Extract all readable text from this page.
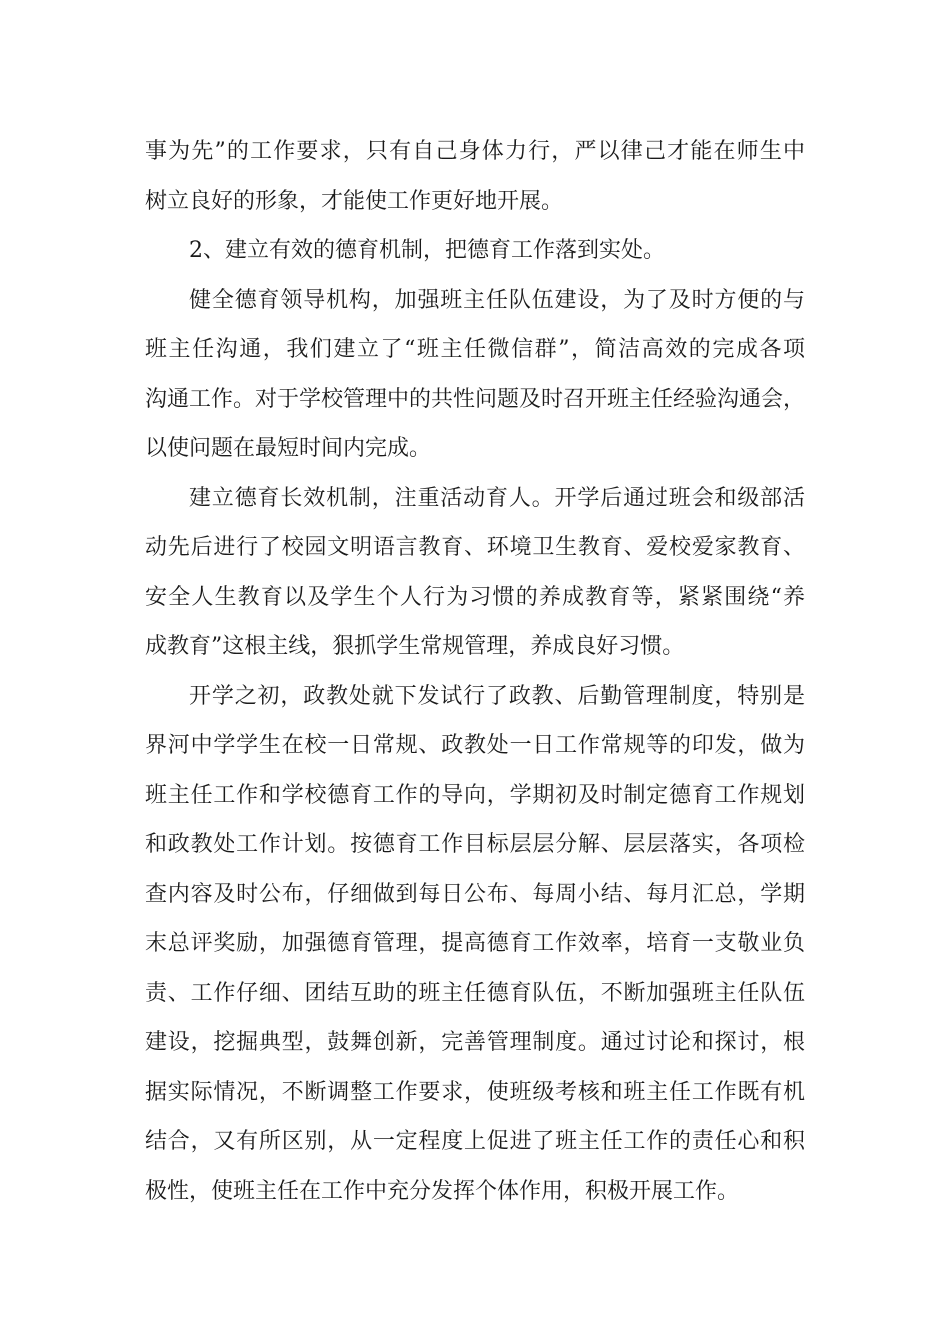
事为先”的工作要求，只有自己身体力行，严以律己才能在师生中
树立良好的形象，才能使工作更好地开展。
2、建立有效的德育机制，把德育工作落到实处。
健全德育领导机构，加强班主任队伍建设，为了及时方便的与
班主任沟通，我们建立了“班主任微信群”，简洁高效的完成各项
沟通工作。对于学校管理中的共性问题及时召开班主任经验沟通会，
以使问题在最短时间内完成。
建立德育长效机制，注重活动育人。开学后通过班会和级部活
动先后进行了校园文明语言教育、环境卫生教育、爱校爱家教育、
安全人生教育以及学生个人行为习惯的养成教育等，紧紧围绕“养
成教育”这根主线，狠抓学生常规管理，养成良好习惯。
开学之初，政教处就下发试行了政教、后勤管理制度，特别是
界河中学学生在校一日常规、政教处一日工作常规等的印发，做为
班主任工作和学校德育工作的导向，学期初及时制定德育工作规划
和政教处工作计划。按德育工作目标层层分解、层层落实，各项检
查内容及时公布，仔细做到每日公布、每周小结、每月汇总，学期
末总评奖励，加强德育管理，提高德育工作效率，培育一支敬业负
责、工作仔细、团结互助的班主任德育队伍，不断加强班主任队伍
建设，挖掘典型，鼓舞创新，完善管理制度。通过讨论和探讨，根
据实际情况，不断调整工作要求，使班级考核和班主任工作既有机
结合，又有所区别，从一定程度上促进了班主任工作的责任心和积
极性，使班主任在工作中充分发挥个体作用，积极开展工作。
